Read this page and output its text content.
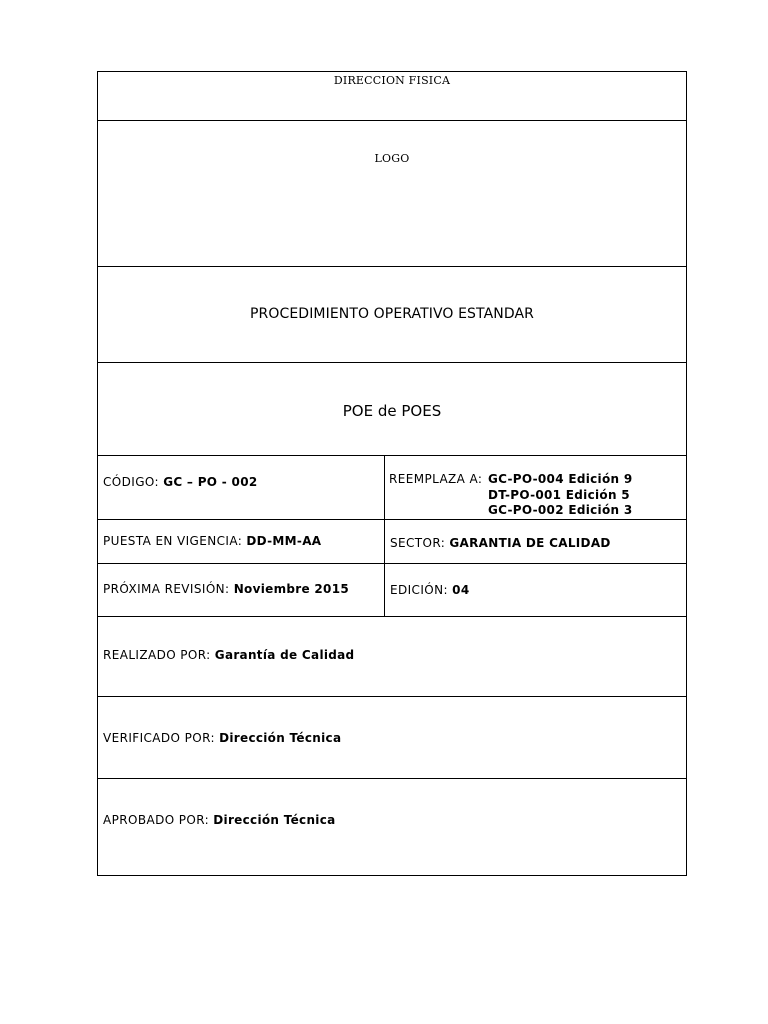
DIRECCION FISICA
LOGO
PROCEDIMIENTO OPERATIVO ESTANDAR
POE de POES
CÓDIGO: GC – PO - 002	REEMPLAZA A: GC-PO-004 Edición 9
DT-PO-001 Edición 5
GC-PO-002 Edición 3
PUESTA EN VIGENCIA: DD-MM-AA	SECTOR: GARANTIA DE CALIDAD
PRÓXIMA REVISIÓN: Noviembre 2015	EDICIÓN: 04
REALIZADO POR: Garantía de Calidad
VERIFICADO POR: Dirección Técnica
APROBADO POR: Dirección Técnica
